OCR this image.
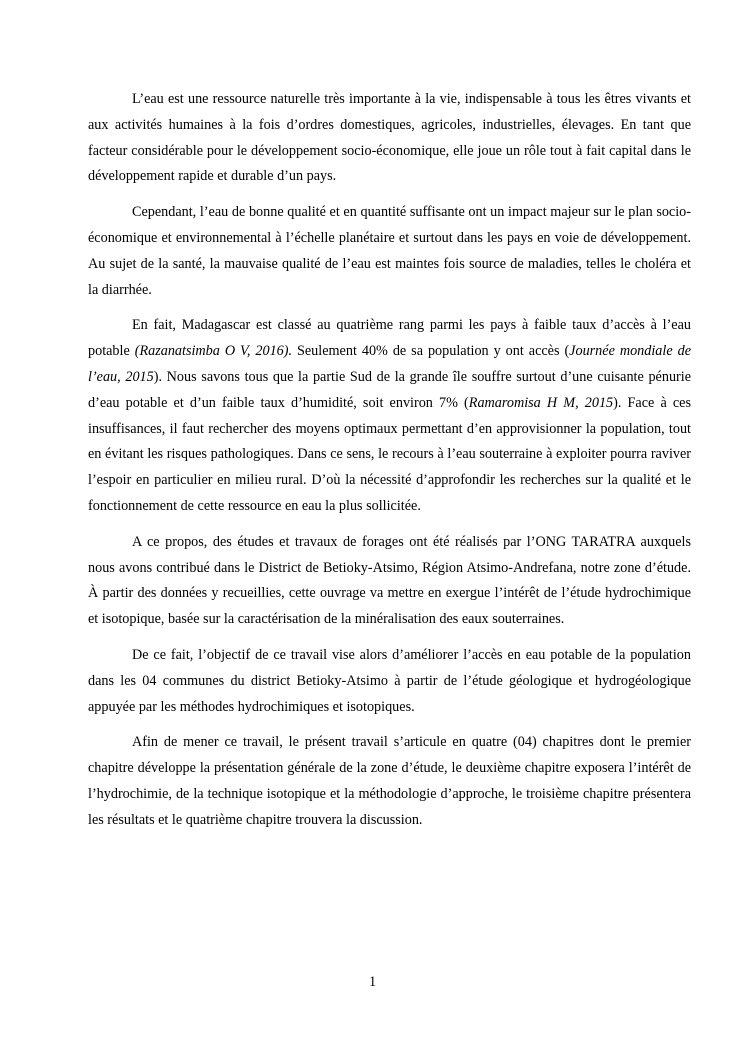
L’eau est une ressource naturelle très importante à la vie, indispensable à tous les êtres vivants et aux activités humaines à la fois d’ordres domestiques, agricoles, industrielles, élevages. En tant que facteur considérable pour le développement socio-économique, elle joue un rôle tout à fait capital dans le développement rapide et durable d’un pays.

Cependant, l’eau de bonne qualité et en quantité suffisante ont un impact majeur sur le plan socio-économique et environnemental à l’échelle planétaire et surtout dans les pays en voie de développement. Au sujet de la santé, la mauvaise qualité de l’eau est maintes fois source de maladies, telles le choléra et la diarrhée.

En fait, Madagascar est classé au quatrième rang parmi les pays à faible taux d’accès à l’eau potable (Razanatsimba O V, 2016). Seulement 40% de sa population y ont accès (Journée mondiale de l’eau, 2015). Nous savons tous que la partie Sud de la grande île souffre surtout d’une cuisante pénurie d’eau potable et d’un faible taux d’humidité, soit environ 7% (Ramaromisa H M, 2015). Face à ces insuffisances, il faut rechercher des moyens optimaux permettant d’en approvisionner la population, tout en évitant les risques pathologiques. Dans ce sens, le recours à l’eau souterraine à exploiter pourra raviver l’espoir en particulier en milieu rural. D’où la nécessité d’approfondir les recherches sur la qualité et le fonctionnement de cette ressource en eau la plus sollicitée.

A ce propos, des études et travaux de forages ont été réalisés par l’ONG TARATRA auxquels nous avons contribué dans le District de Betioky-Atsimo, Région Atsimo-Andrefana, notre zone d’étude. À partir des données y recueillies, cette ouvrage va mettre en exergue l’intérêt de l’étude hydrochimique et isotopique, basée sur la caractérisation de la minéralisation des eaux souterraines.

De ce fait, l’objectif de ce travail vise alors d’améliorer l’accès en eau potable de la population dans les 04 communes du district Betioky-Atsimo à partir de l’étude géologique et hydrogéologique appuyée par les méthodes hydrochimiques et isotopiques.

Afin de mener ce travail, le présent travail s’articule en quatre (04) chapitres dont le premier chapitre développe la présentation générale de la zone d’étude, le deuxième chapitre exposera l’intérêt de l’hydrochimie, de la technique isotopique et la méthodologie d’approche, le troisième chapitre présentera les résultats et le quatrième chapitre trouvera la discussion.

1
